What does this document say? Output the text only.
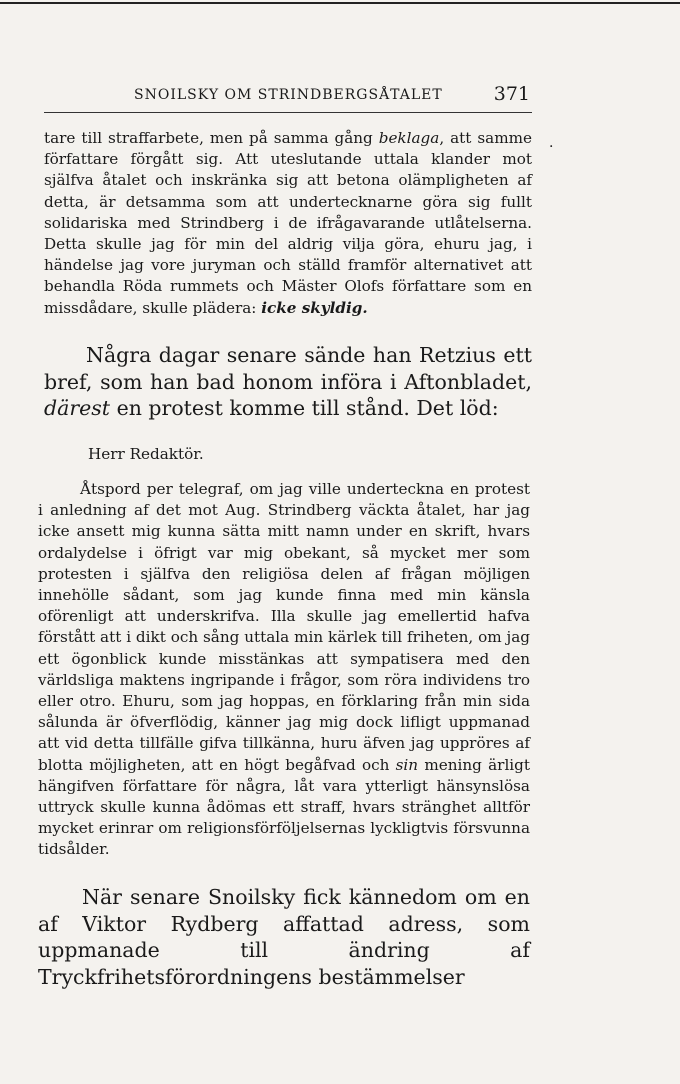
SNOILSKY OM STRINDBERGSÅTALET	371
·

tare till straffarbete, men på samma gång beklaga, att samme författare förgått sig. Att uteslutande uttala klander mot själfva åtalet och inskränka sig att betona olämpligheten af detta, är detsamma som att undertecknarne göra sig fullt solidariska med Strindberg i de ifrågavarande utlåtelserna. Detta skulle jag för min del aldrig vilja göra, ehuru jag, i händelse jag vore juryman och ställd framför alternativet att behandla Röda rummets och Mäster Olofs författare som en missdådare, skulle plädera: icke skyldig.

Några dagar senare sände han Retzius ett bref, som han bad honom införa i Aftonbladet, därest en protest komme till stånd. Det löd:

Herr Redaktör.

Åtspord per telegraf, om jag ville underteckna en protest i anledning af det mot Aug. Strindberg väckta åtalet, har jag icke ansett mig kunna sätta mitt namn under en skrift, hvars ordalydelse i öfrigt var mig obekant, så mycket mer som protesten i själfva den religiösa delen af frågan möjligen innehölle sådant, som jag kunde finna med min känsla oförenligt att underskrifva. Illa skulle jag emellertid hafva förstått att i dikt och sång uttala min kärlek till friheten, om jag ett ögonblick kunde misstänkas att sympatisera med den världsliga maktens ingripande i frågor, som röra individens tro eller otro. Ehuru, som jag hoppas, en förklaring från min sida sålunda är öfverflödig, känner jag mig dock lifligt uppmanad att vid detta tillfälle gifva tillkänna, huru äfven jag uppröres af blotta möjligheten, att en högt begåfvad och sin mening ärligt hängifven författare för några, låt vara ytterligt hänsynslösa uttryck skulle kunna ådömas ett straff, hvars stränghet alltför mycket erinrar om religionsförföljelsernas lyckligtvis försvunna tidsålder.

När senare Snoilsky fick kännedom om en af Viktor Rydberg affattad adress, som uppmanade till ändring af Tryckfrihetsförordningens bestämmelser
